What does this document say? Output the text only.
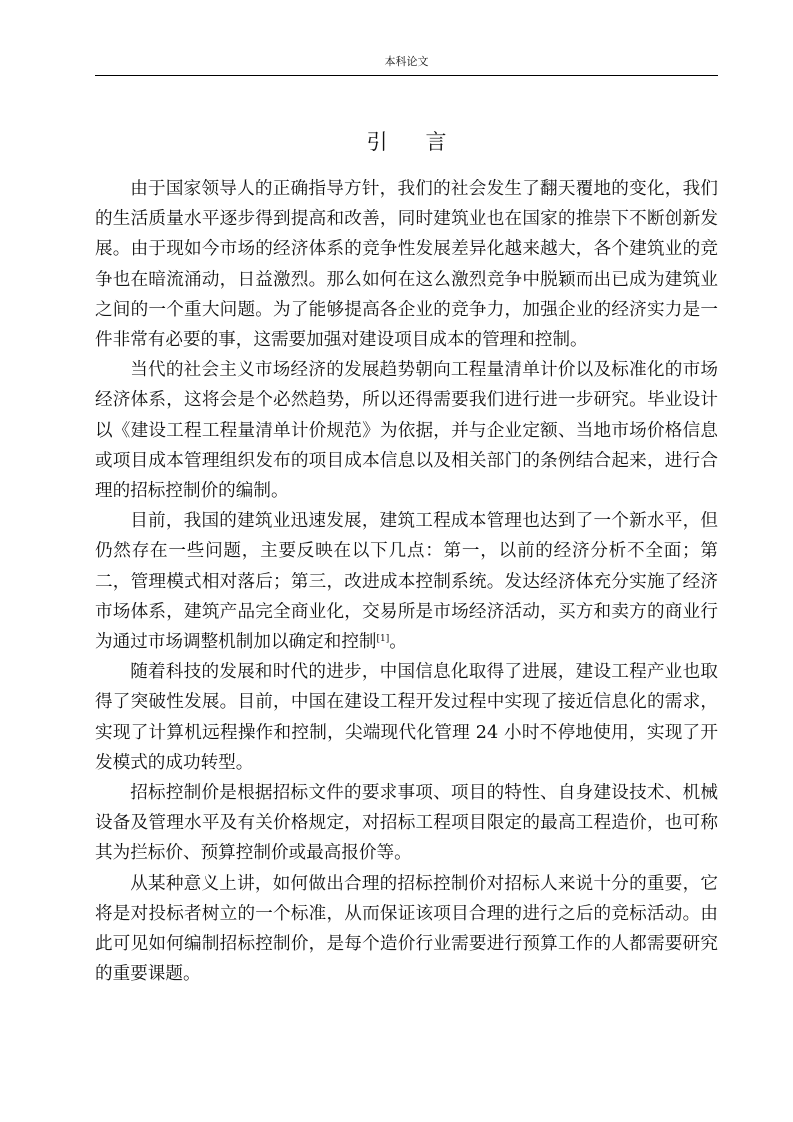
本科论文
引言

由于国家领导人的正确指导方针，我们的社会发生了翻天覆地的变化，我们的生活质量水平逐步得到提高和改善，同时建筑业也在国家的推崇下不断创新发展。由于现如今市场的经济体系的竞争性发展差异化越来越大，各个建筑业的竞争也在暗流涌动，日益激烈。那么如何在这么激烈竞争中脱颖而出已成为建筑业之间的一个重大问题。为了能够提高各企业的竞争力，加强企业的经济实力是一件非常有必要的事，这需要加强对建设项目成本的管理和控制。

当代的社会主义市场经济的发展趋势朝向工程量清单计价以及标准化的市场经济体系，这将会是个必然趋势，所以还得需要我们进行进一步研究。毕业设计以《建设工程工程量清单计价规范》为依据，并与企业定额、当地市场价格信息或项目成本管理组织发布的项目成本信息以及相关部门的条例结合起来，进行合理的招标控制价的编制。

目前，我国的建筑业迅速发展，建筑工程成本管理也达到了一个新水平，但仍然存在一些问题，主要反映在以下几点：第一，以前的经济分析不全面；第二，管理模式相对落后；第三，改进成本控制系统。发达经济体充分实施了经济市场体系，建筑产品完全商业化，交易所是市场经济活动，买方和卖方的商业行为通过市场调整机制加以确定和控制[1]。

随着科技的发展和时代的进步，中国信息化取得了进展，建设工程产业也取得了突破性发展。目前，中国在建设工程开发过程中实现了接近信息化的需求，实现了计算机远程操作和控制，尖端现代化管理 24 小时不停地使用，实现了开发模式的成功转型。

招标控制价是根据招标文件的要求事项、项目的特性、自身建设技术、机械设备及管理水平及有关价格规定，对招标工程项目限定的最高工程造价，也可称其为拦标价、预算控制价或最高报价等。

从某种意义上讲，如何做出合理的招标控制价对招标人来说十分的重要，它将是对投标者树立的一个标准，从而保证该项目合理的进行之后的竞标活动。由此可见如何编制招标控制价，是每个造价行业需要进行预算工作的人都需要研究的重要课题。
